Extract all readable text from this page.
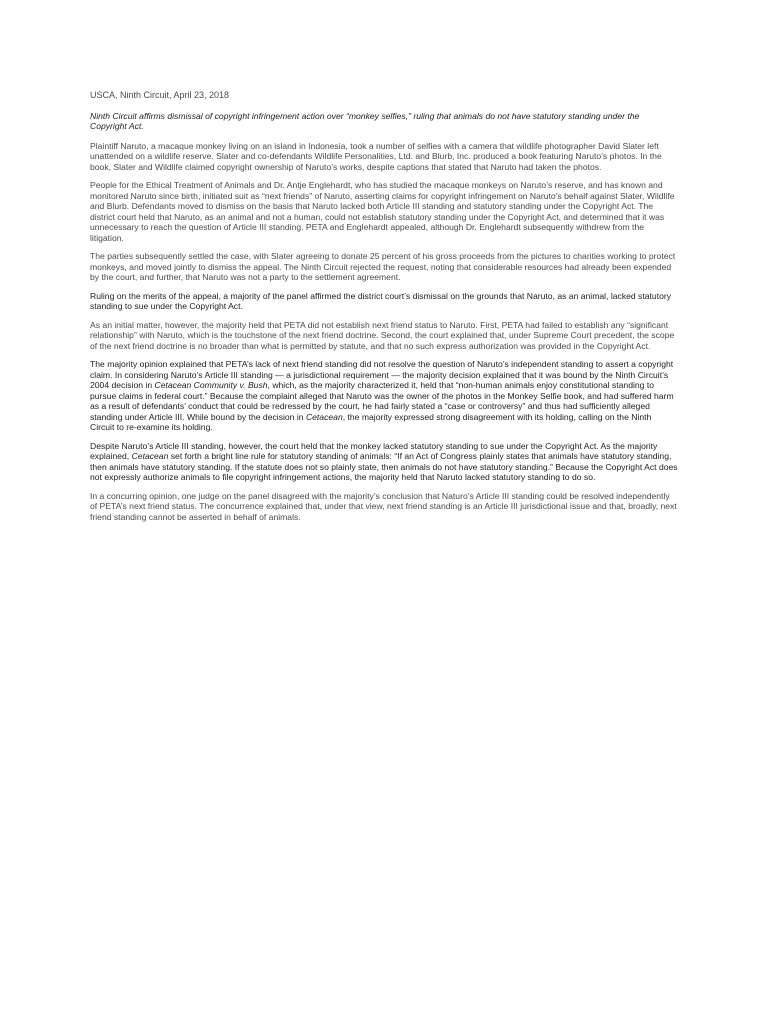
USCA, Ninth Circuit, April 23, 2018
Ninth Circuit affirms dismissal of copyright infringement action over “monkey selfies,” ruling that animals do not have statutory standing under the Copyright Act.

Plaintiff Naruto, a macaque monkey living on an island in Indonesia, took a number of selfies with a camera that wildlife photographer David Slater left unattended on a wildlife reserve. Slater and co-defendants Wildlife Personalities, Ltd. and Blurb, Inc. produced a book featuring Naruto’s photos. In the book, Slater and Wildlife claimed copyright ownership of Naruto’s works, despite captions that stated that Naruto had taken the photos.

People for the Ethical Treatment of Animals and Dr. Antje Englehardt, who has studied the macaque monkeys on Naruto’s reserve, and has known and monitored Naruto since birth, initiated suit as “next friends” of Naruto, asserting claims for copyright infringement on Naruto’s behalf against Slater, Wildlife and Blurb. Defendants moved to dismiss on the basis that Naruto lacked both Article III standing and statutory standing under the Copyright Act. The district court held that Naruto, as an animal and not a human, could not establish statutory standing under the Copyright Act, and determined that it was unnecessary to reach the question of Article III standing. PETA and Englehardt appealed, although Dr. Englehardt subsequently withdrew from the litigation.

The parties subsequently settled the case, with Slater agreeing to donate 25 percent of his gross proceeds from the pictures to charities working to protect monkeys, and moved jointly to dismiss the appeal. The Ninth Circuit rejected the request, noting that considerable resources had already been expended by the court, and further, that Naruto was not a party to the settlement agreement.

Ruling on the merits of the appeal, a majority of the panel affirmed the district court’s dismissal on the grounds that Naruto, as an animal, lacked statutory standing to sue under the Copyright Act.

As an initial matter, however, the majority held that PETA did not establish next friend status to Naruto. First, PETA had failed to establish any “significant relationship” with Naruto, which is the touchstone of the next friend doctrine. Second, the court explained that, under Supreme Court precedent, the scope of the next friend doctrine is no broader than what is permitted by statute, and that no such express authorization was provided in the Copyright Act.

The majority opinion explained that PETA’s lack of next friend standing did not resolve the question of Naruto’s independent standing to assert a copyright claim. In considering Naruto’s Article III standing — a jurisdictional requirement — the majority decision explained that it was bound by the Ninth Circuit’s 2004 decision in Cetacean Community v. Bush, which, as the majority characterized it, held that “non-human animals enjoy constitutional standing to pursue claims in federal court.” Because the complaint alleged that Naruto was the owner of the photos in the Monkey Selfie book, and had suffered harm as a result of defendants’ conduct that could be redressed by the court, he had fairly stated a “case or controversy” and thus had sufficiently alleged standing under Article III. While bound by the decision in Cetacean, the majority expressed strong disagreement with its holding, calling on the Ninth Circuit to re-examine its holding.

Despite Naruto’s Article III standing, however, the court held that the monkey lacked statutory standing to sue under the Copyright Act. As the majority explained, Cetacean set forth a bright line rule for statutory standing of animals: “If an Act of Congress plainly states that animals have statutory standing, then animals have statutory standing. If the statute does not so plainly state, then animals do not have statutory standing.” Because the Copyright Act does not expressly authorize animals to file copyright infringement actions, the majority held that Naruto lacked statutory standing to do so.

In a concurring opinion, one judge on the panel disagreed with the majority’s conclusion that Naturo’s Article III standing could be resolved independently of PETA’s next friend status. The concurrence explained that, under that view, next friend standing is an Article III jurisdictional issue and that, broadly, next friend standing cannot be asserted in behalf of animals.
